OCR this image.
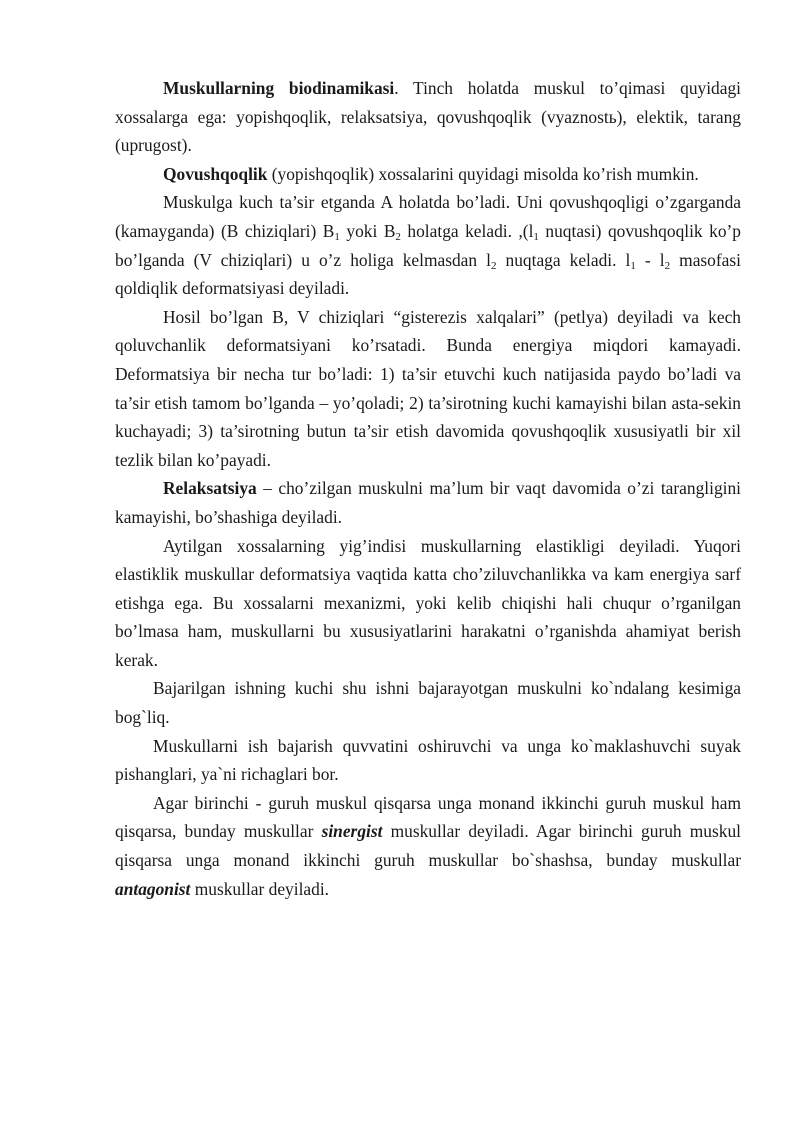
Muskullarning biodinamikasi. Tinch holatda muskul to’qimasi quyidagi xossalarga ega: yopishqoqlik, relaksatsiya, qovushqoqlik (vyaznostь), elektik, tarang (uprugost).

Qovushqoqlik (yopishqoqlik) xossalarini quyidagi misolda ko’rish mumkin.

Muskulga kuch ta’sir etganda A holatda bo’ladi. Uni qovushqoqligi o’zgarganda (kamayganda) (B chiziqlari) $B_1$ yoki $B_2$ holatga keladi. $,(l_1$ nuqtasi) qovushqoqlik ko’p bo’lganda (V chiziqlari) u o’z holiga kelmasdan $l_2$ nuqtaga keladi. $l_1 - l_2$ masofasi qoldiqlik deformatsiyasi deyiladi.

Hosil bo’lgan B, V chiziqlari “gisterezis xalqalari” (petlya) deyiladi va kech qoluvchanlik deformatsiyani ko’rsatadi. Bunda energiya miqdori kamayadi. Deformatsiya bir necha tur bo’ladi: 1) ta’sir etuvchi kuch natijasida paydo bo’ladi va ta’sir etish tamom bo’lganda – yo’qoladi; 2) ta’sirotning kuchi kamayishi bilan asta-sekin kuchayadi; 3) ta’sirotning butun ta’sir etish davomida qovushqoqlik xususiyatli bir xil tezlik bilan ko’payadi.

Relaksatsiya – cho’zilgan muskulni ma’lum bir vaqt davomida o’zi tarangligini kamayishi, bo’shashiga deyiladi.

Aytilgan xossalarning yig’indisi muskullarning elastikligi deyiladi. Yuqori elastiklik muskullar deformatsiya vaqtida katta cho’ziluvchanlikka va kam energiya sarf etishga ega. Bu xossalarni mexanizmi, yoki kelib chiqishi hali chuqur o’rganilgan bo’lmasa ham, muskullarni bu xususiyatlarini harakatni o’rganishda ahamiyat berish kerak.

Bajarilgan ishning kuchi shu ishni bajarayotgan muskulni ko`ndalang kesimiga bog`liq.

Muskullarni ish bajarish quvvatini oshiruvchi va unga ko`maklashuvchi suyak pishanglari, ya`ni richaglari bor.

Agar birinchi - guruh muskul qisqarsa unga monand ikkinchi guruh muskul ham qisqarsa, bunday muskullar sinergist muskullar deyiladi. Agar birinchi guruh muskul qisqarsa unga monand ikkinchi guruh muskullar bo`shashsa, bunday muskullar antagonist muskullar deyiladi.
